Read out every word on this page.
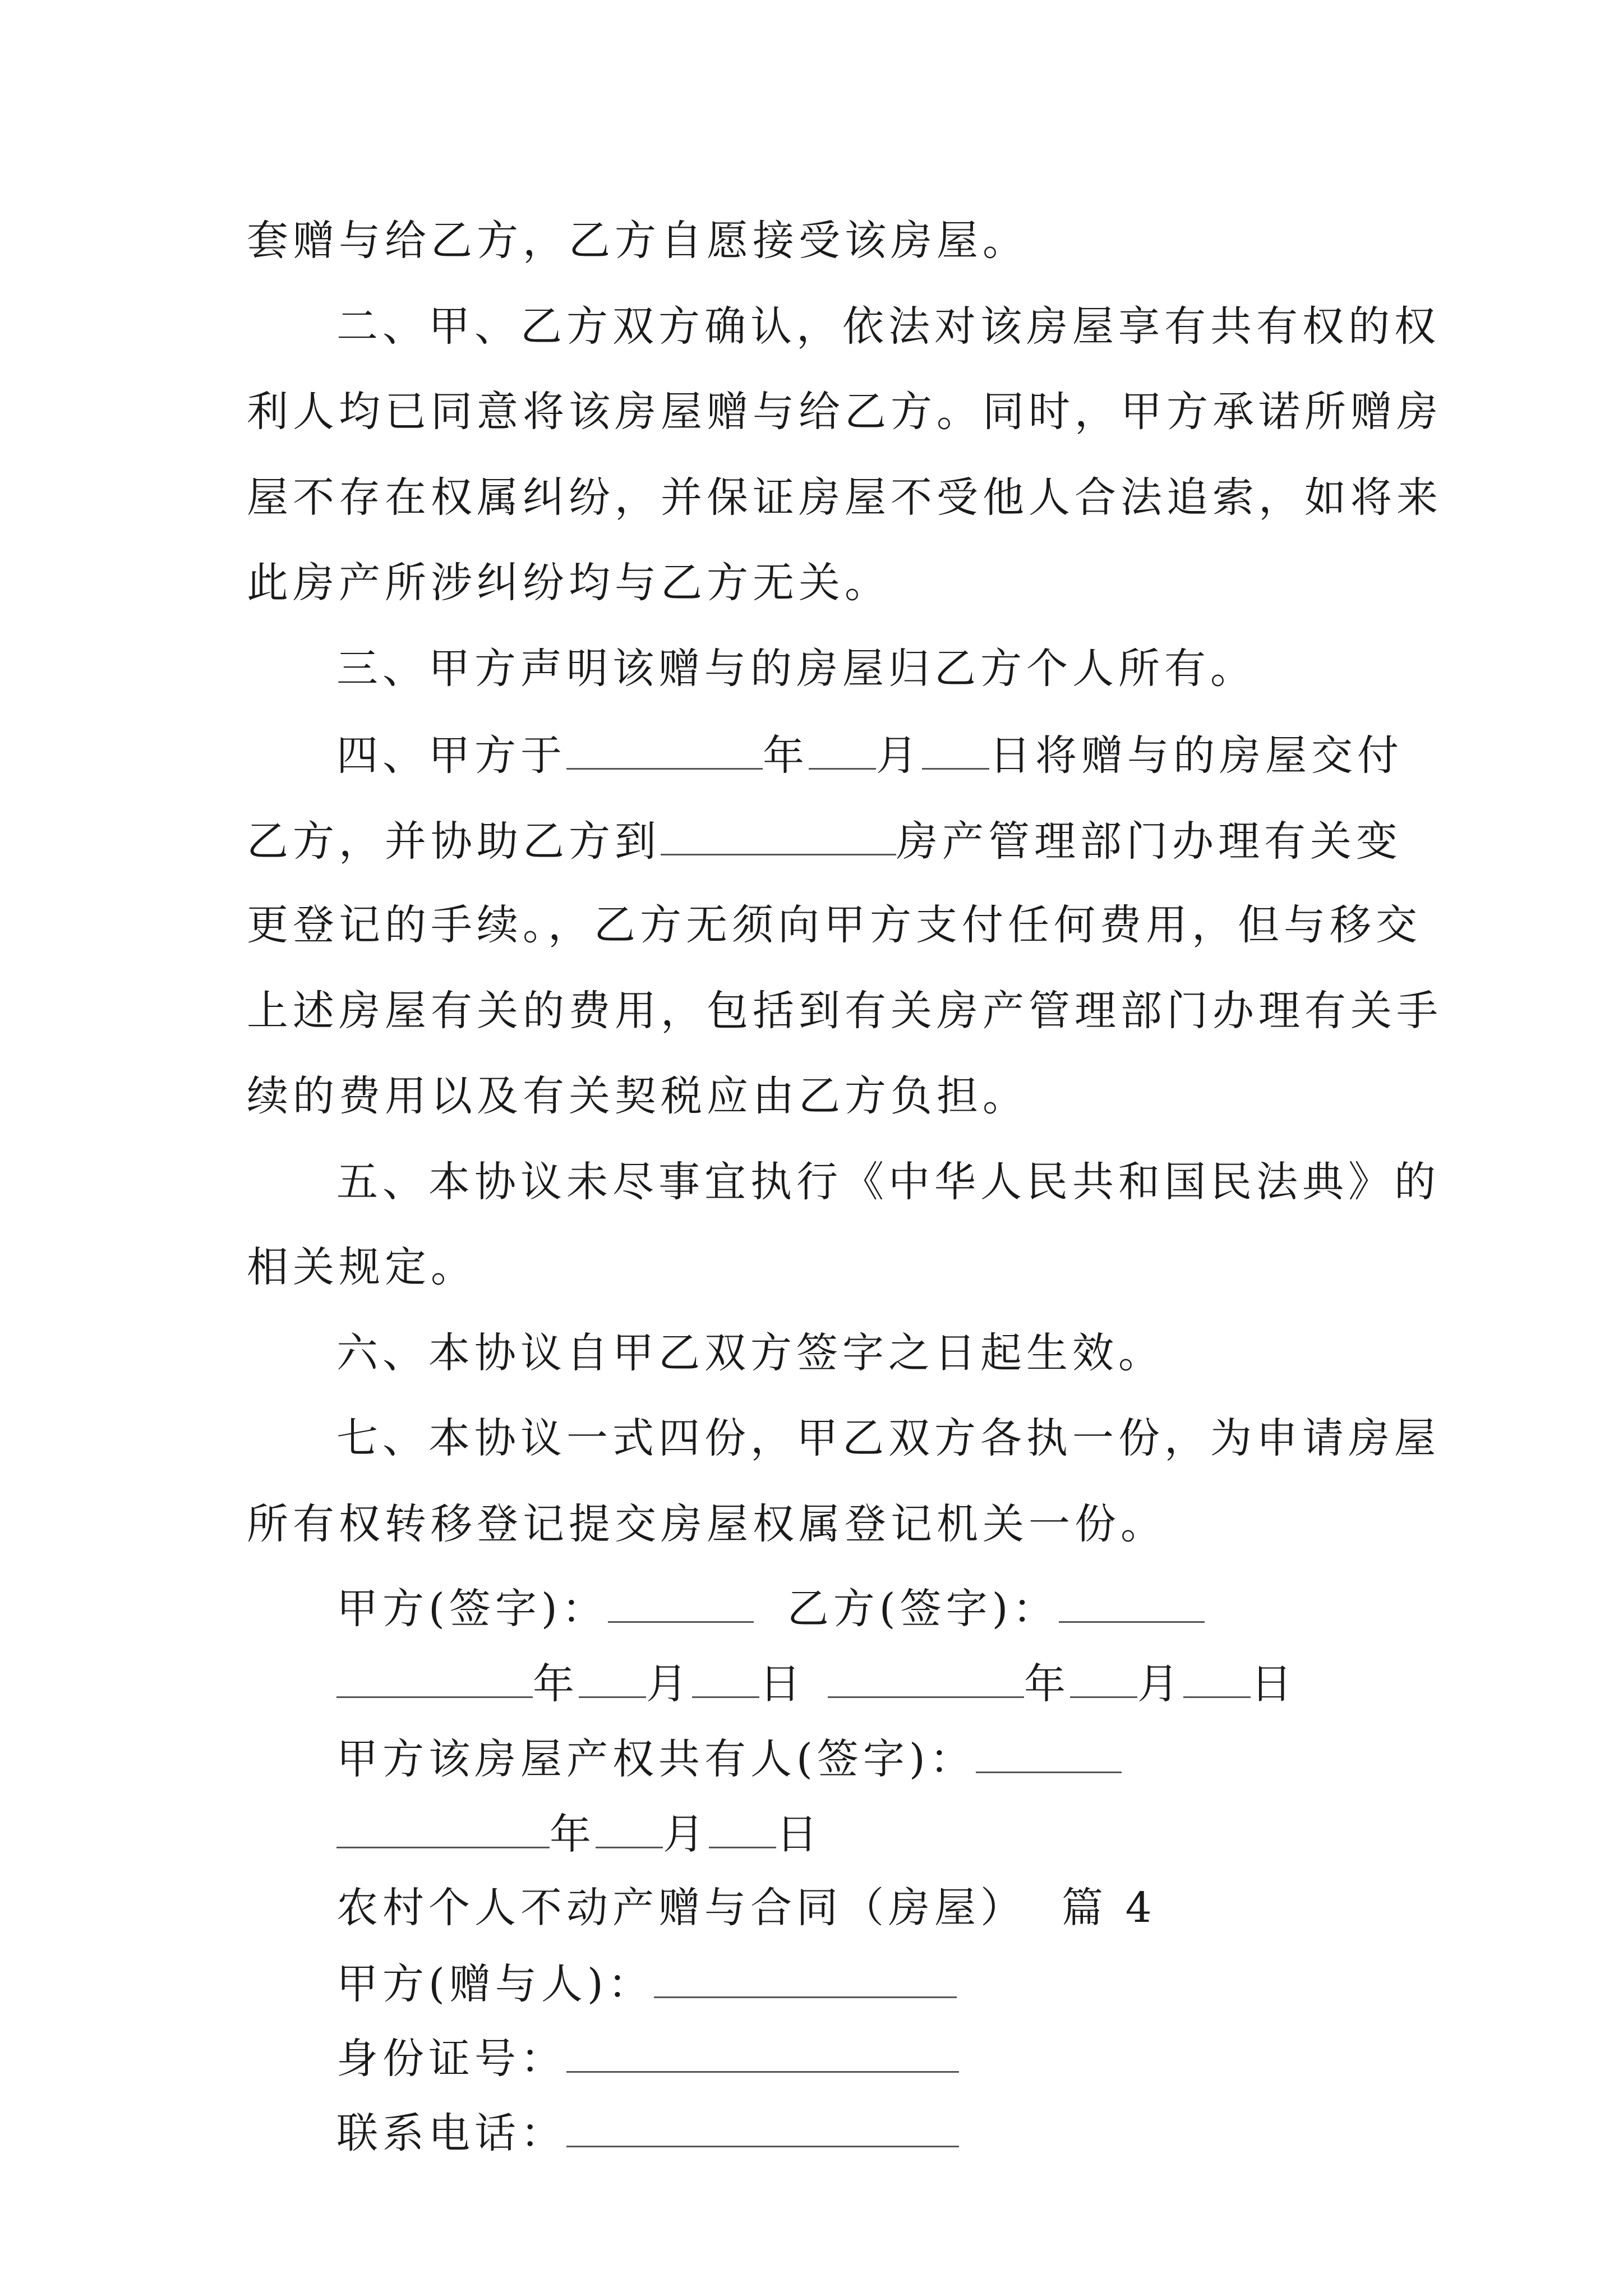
套赠与给乙方，乙方自愿接受该房屋。
二、甲、乙方双方确认，依法对该房屋享有共有权的权
利人均已同意将该房屋赠与给乙方。同时，甲方承诺所赠房
屋不存在权属纠纷，并保证房屋不受他人合法追索，如将来
此房产所涉纠纷均与乙方无关。
三、甲方声明该赠与的房屋归乙方个人所有。
四、甲方于	年 月 日将赠与的房屋交付
乙方，并协助乙方到	房产管理部门办理有关变
更登记的手续。，乙方无须向甲方支付任何费用，但与移交
上述房屋有关的费用，包括到有关房产管理部门办理有关手
续的费用以及有关契税应由乙方负担。
五、本协议未尽事宜执行《中华人民共和国民法典》的
相关规定。
六、本协议自甲乙双方签字之日起生效。
七、本协议一式四份，甲乙双方各执一份，为申请房屋
所有权转移登记提交房屋权属登记机关一份。
甲方(签字)：	乙方(签字)：
年 月 日	年 月 日
甲方该房屋产权共有人(签字)：
年 月 日
农村个人不动产赠与合同（房屋）  篇 4
甲方(赠与人)：
身份证号：
联系电话：
